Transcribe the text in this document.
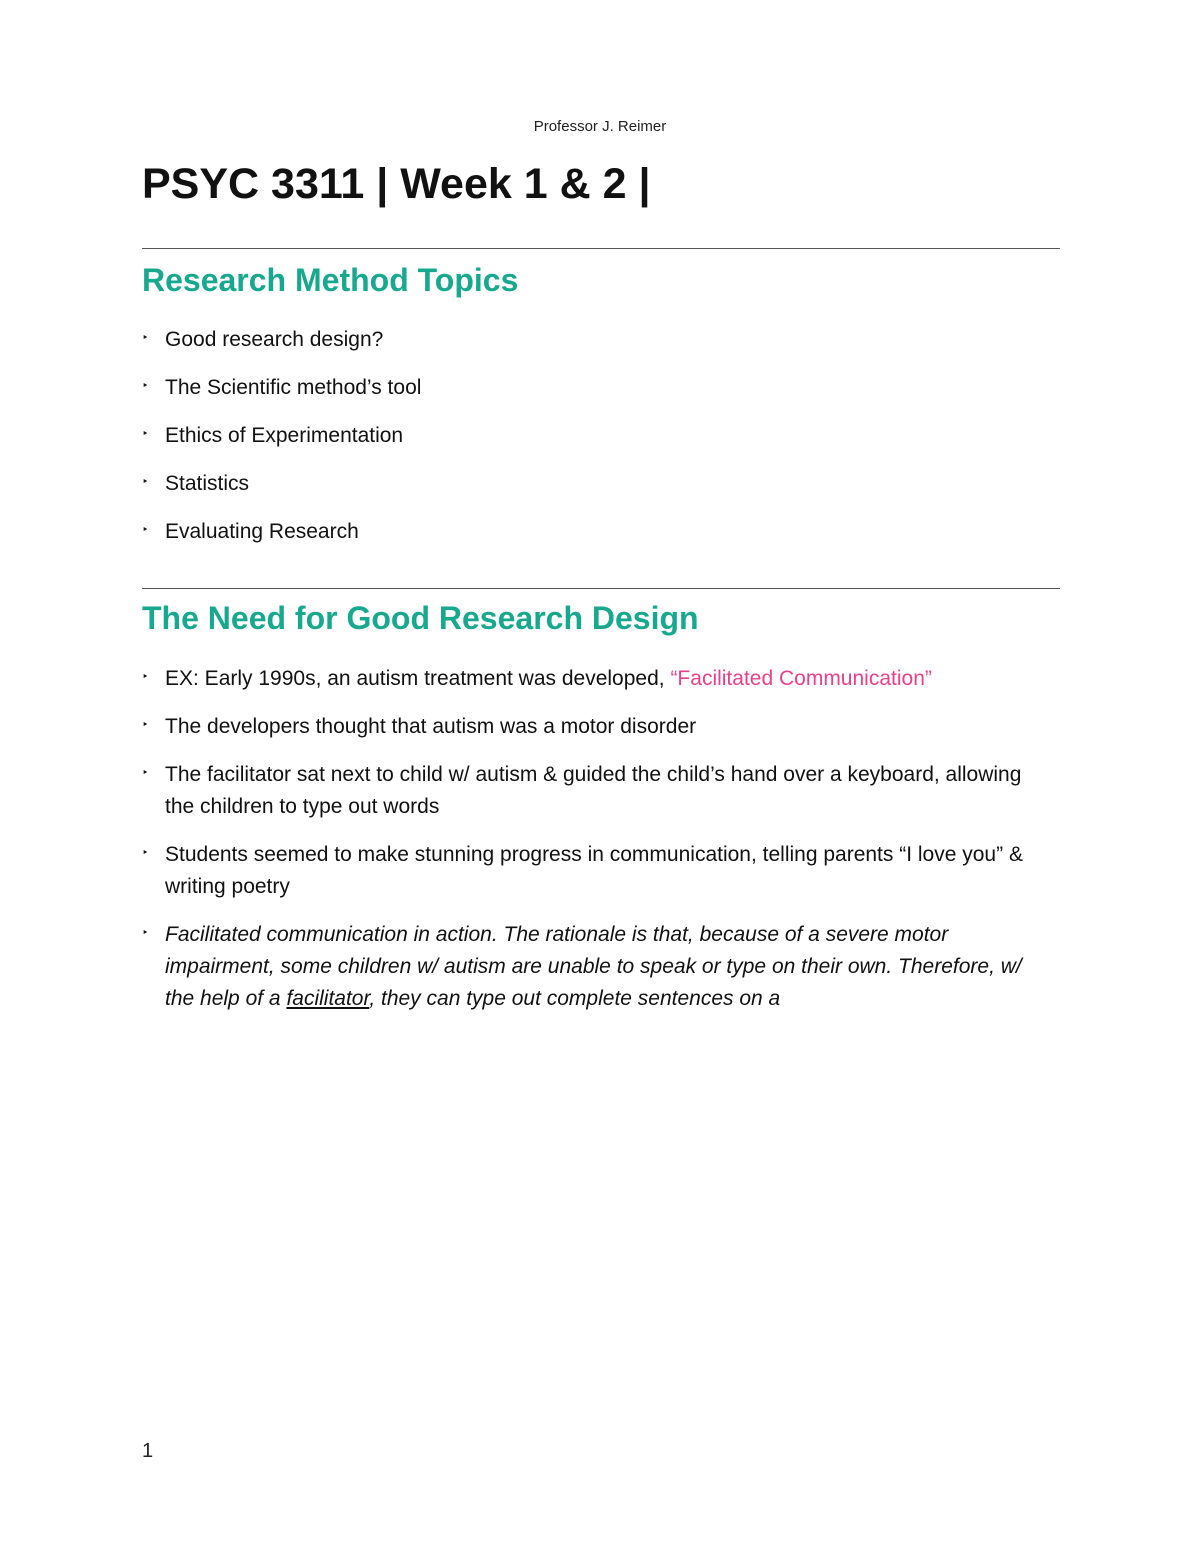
Professor J. Reimer
PSYC 3311 | Week 1 & 2 |
Research Method Topics
‣ Good research design?
‣ The Scientific method’s tool
‣ Ethics of Experimentation
‣ Statistics
‣ Evaluating Research
The Need for Good Research Design
‣ EX: Early 1990s, an autism treatment was developed, “Facilitated Communication”
‣ The developers thought that autism was a motor disorder
‣ The facilitator sat next to child w/ autism & guided the child’s hand over a keyboard, allowing the children to type out words
‣ Students seemed to make stunning progress in communication, telling parents “I love you” & writing poetry
‣ Facilitated communication in action. The rationale is that, because of a severe motor impairment, some children w/ autism are unable to speak or type on their own. Therefore, w/ the help of a facilitator, they can type out complete sentences on a
1
